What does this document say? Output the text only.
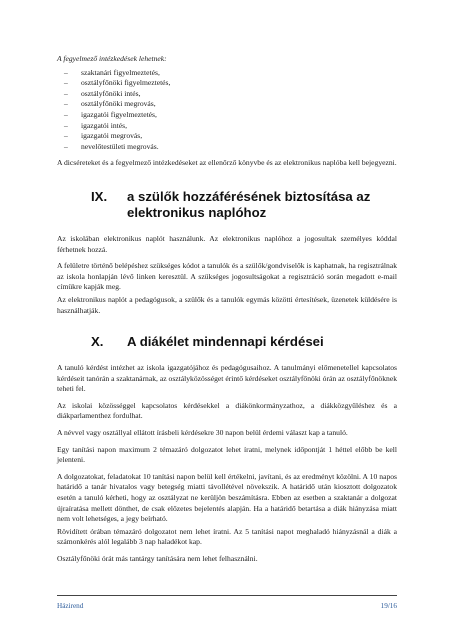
A fegyelmező intézkedések lehetnek:

– szaktanári figyelmeztetés,
– osztályfőnöki figyelmeztetés,
– osztályfőnöki intés,
– osztályfőnöki megrovás,
– igazgatói figyelmeztetés,
– igazgatói intés,
– igazgatói megrovás,
– nevelőtestületi megrovás.

A dicséreteket és a fegyelmező intézkedéseket az ellenőrző könyvbe és az elektronikus naplóba kell bejegyezni.

IX.	a szülők hozzáférésének biztosítása az elektronikus naplóhoz

Az iskolában elektronikus naplót használunk. Az elektronikus naplóhoz a jogosultak személyes kóddal férhetnek hozzá.

A felületre történő belépéshez szükséges kódot a tanulók és a szülők/gondviselők is kaphatnak, ha regisztrálnak az iskola honlapján lévő linken keresztül. A szükséges jogosultságokat a regisztráció során megadott e-mail címükre kapják meg.

Az elektronikus naplót a pedagógusok, a szülők és a tanulók egymás közötti értesítések, üzenetek küldésére is használhatják.

X.	A diákélet mindennapi kérdései

A tanuló kérdést intézhet az iskola igazgatójához és pedagógusaihoz. A tanulmányi előmenetellel kapcsolatos kérdéseit tanórán a szaktanárnak, az osztályközösséget érintő kérdéseket osztályfőnöki órán az osztályfőnöknek teheti fel.

Az iskolai közösséggel kapcsolatos kérdésekkel a diákönkormányzathoz, a diákközgyűléshez és a diákparlamenthez fordulhat.

A névvel vagy osztállyal ellátott írásbeli kérdésekre 30 napon belül érdemi választ kap a tanuló.

Egy tanítási napon maximum 2 témazáró dolgozatot lehet íratni, melynek időpontját 1 héttel előbb be kell jelenteni.

A dolgozatokat, feladatokat 10 tanítási napon belül kell értékelni, javítani, és az eredményt közölni. A 10 napos határidő a tanár hivatalos vagy betegség miatti távollétével növekszik. A határidő után kiosztott dolgozatok esetén a tanuló kérheti, hogy az osztályzat ne kerüljön beszámításra. Ebben az esetben a szaktanár a dolgozat újraíratása mellett dönthet, de csak előzetes bejelentés alapján. Ha a határidő betartása a diák hiányzása miatt nem volt lehetséges, a jegy beírható.

Rövidített órában témazáró dolgozatot nem lehet íratni. Az 5 tanítási napot meghaladó hiányzásnál a diák a számonkérés alól legalább 3 nap haladékot kap.

Osztályfőnöki órát más tantárgy tanítására nem lehet felhasználni.

Házirend	19/16
